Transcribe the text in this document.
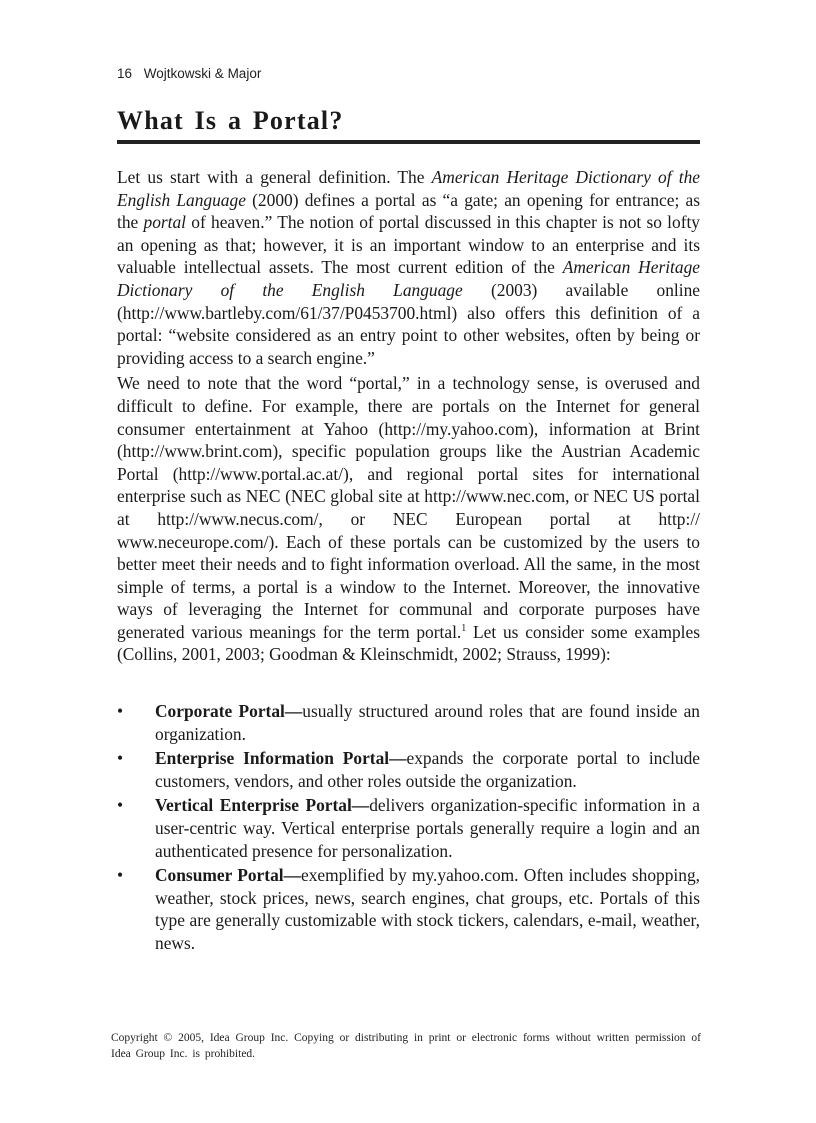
16 Wojtkowski & Major
What Is a Portal?

Let us start with a general definition. The American Heritage Dictionary of the English Language (2000) defines a portal as “a gate; an opening for entrance; as the portal of heaven.” The notion of portal discussed in this chapter is not so lofty an opening as that; however, it is an important window to an enterprise and its valuable intellectual assets. The most current edition of the American Heritage Dictionary of the English Language (2003) available online (http://www.bartleby.com/61/37/P0453700.html) also offers this definition of a portal: “website considered as an entry point to other websites, often by being or providing access to a search engine.”

We need to note that the word “portal,” in a technology sense, is overused and difficult to define. For example, there are portals on the Internet for general consumer entertainment at Yahoo (http://my.yahoo.com), information at Brint (http://www.brint.com), specific population groups like the Austrian Academic Portal (http://www.portal.ac.at/), and regional portal sites for international enterprise such as NEC (NEC global site at http://www.nec.com, or NEC US portal at http://www.necus.com/, or NEC European portal at http:// www.neceurope.com/). Each of these portals can be customized by the users to better meet their needs and to fight information overload. All the same, in the most simple of terms, a portal is a window to the Internet. Moreover, the innovative ways of leveraging the Internet for communal and corporate purposes have generated various meanings for the term portal.$^1$ Let us consider some examples (Collins, 2001, 2003; Goodman & Kleinschmidt, 2002; Strauss, 1999):

• Corporate Portal—usually structured around roles that are found inside an organization.
• Enterprise Information Portal—expands the corporate portal to include customers, vendors, and other roles outside the organization.
• Vertical Enterprise Portal—delivers organization-specific information in a user-centric way. Vertical enterprise portals generally require a login and an authenticated presence for personalization.
• Consumer Portal—exemplified by my.yahoo.com. Often includes shopping, weather, stock prices, news, search engines, chat groups, etc. Portals of this type are generally customizable with stock tickers, calendars, e-mail, weather, news.
Copyright © 2005, Idea Group Inc. Copying or distributing in print or electronic forms without written permission of Idea Group Inc. is prohibited.
